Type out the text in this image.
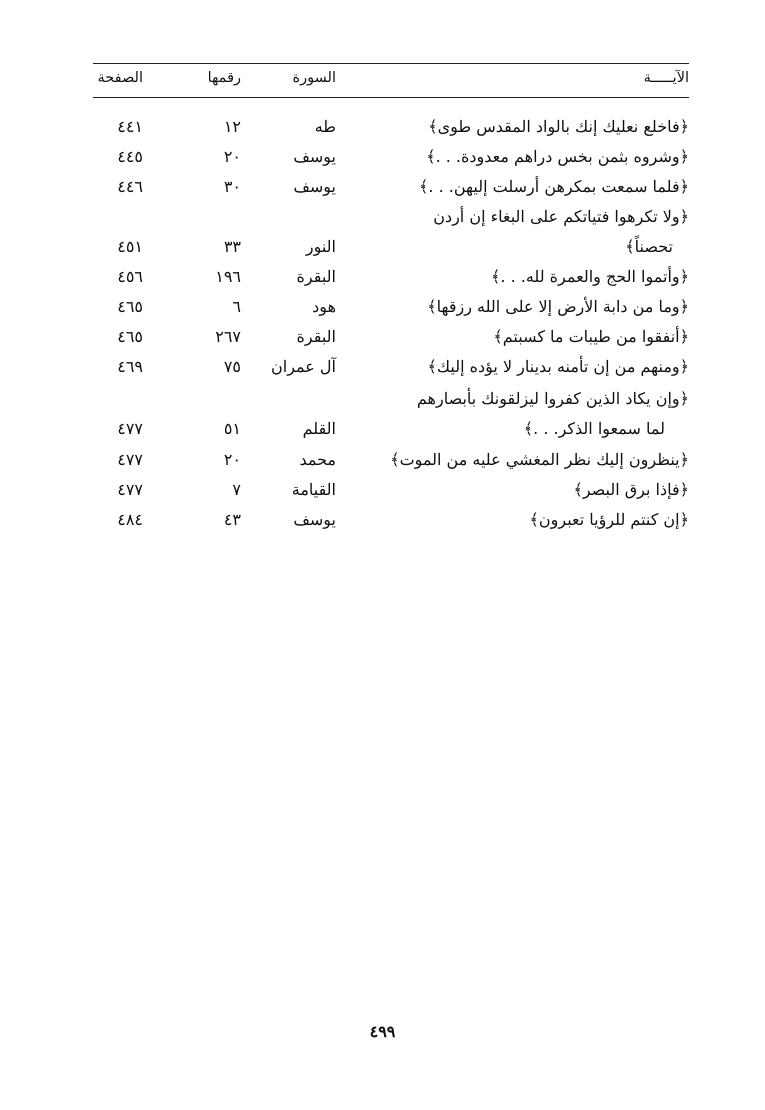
الآيـــــة
السورة
رقمها
الصفحة
﴿فاخلع نعليك إنك بالواد المقدس طوى﴾
طه
١٢
٤٤١
﴿وشروه بثمن بخس دراهم معدودة. . .﴾
يوسف
٢٠
٤٤٥
﴿فلما سمعت بمكرهن أرسلت إليهن. . .﴾
يوسف
٣٠
٤٤٦
﴿ولا تكرهوا فتياتكم على البغاء إن أردن
تحصناً﴾
النور
٣٣
٤٥١
﴿وأتموا الحج والعمرة لله. . .﴾
البقرة
١٩٦
٤٥٦
﴿وما من دابة الأرض إلا على الله رزقها﴾
هود
٦
٤٦٥
﴿أنفقوا من طيبات ما كسبتم﴾
البقرة
٢٦٧
٤٦٥
﴿ومنهم من إن تأمنه بدينار لا يؤده إليك﴾
آل عمران
٧٥
٤٦٩
﴿وإن يكاد الذين كفروا ليزلقونك بأبصارهم
لما سمعوا الذكر. . .﴾
القلم
٥١
٤٧٧
﴿ينظرون إليك نظر المغشي عليه من الموت﴾
محمد
٢٠
٤٧٧
﴿فإذا برق البصر﴾
القيامة
٧
٤٧٧
﴿إن كنتم للرؤيا تعبرون﴾
يوسف
٤٣
٤٨٤
٤٩٩
